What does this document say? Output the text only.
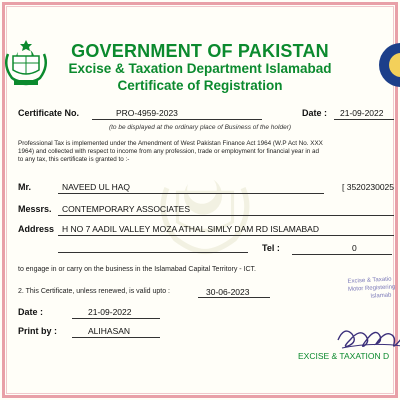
GOVERNMENT OF PAKISTAN
Excise & Taxation Department Islamabad
Certificate of Registration
Certificate No.	PRO-4959-2023	Date : 21-09-2022
(to be displayed at the ordinary place of Business of the holder)
Professional Tax is implemented under the Amendment of West Pakistan Finance Act 1964 (W.P Act No. XXX
1964) and collected with respect to income from any profession, trade or employment for financial year in ad
to any tax, this certificate is granted to :-
Mr.	NAVEED UL HAQ	[ 3520230025
Messrs. CONTEMPORARY ASSOCIATES
Address H NO 7 AADIL VALLEY MOZA ATHAL SIMLY DAM RD ISLAMABAD
Tel :	0
to engage in or carry on the business in the Islamabad Capital Territory - ICT.
2. This Certificate, unless renewed, is valid upto :	30-06-2023
Date :	21-09-2022
Print by :	ALIHASAN
Excise & Taxatio
Motor Registering
Islamab
EXCISE & TAXATION D
